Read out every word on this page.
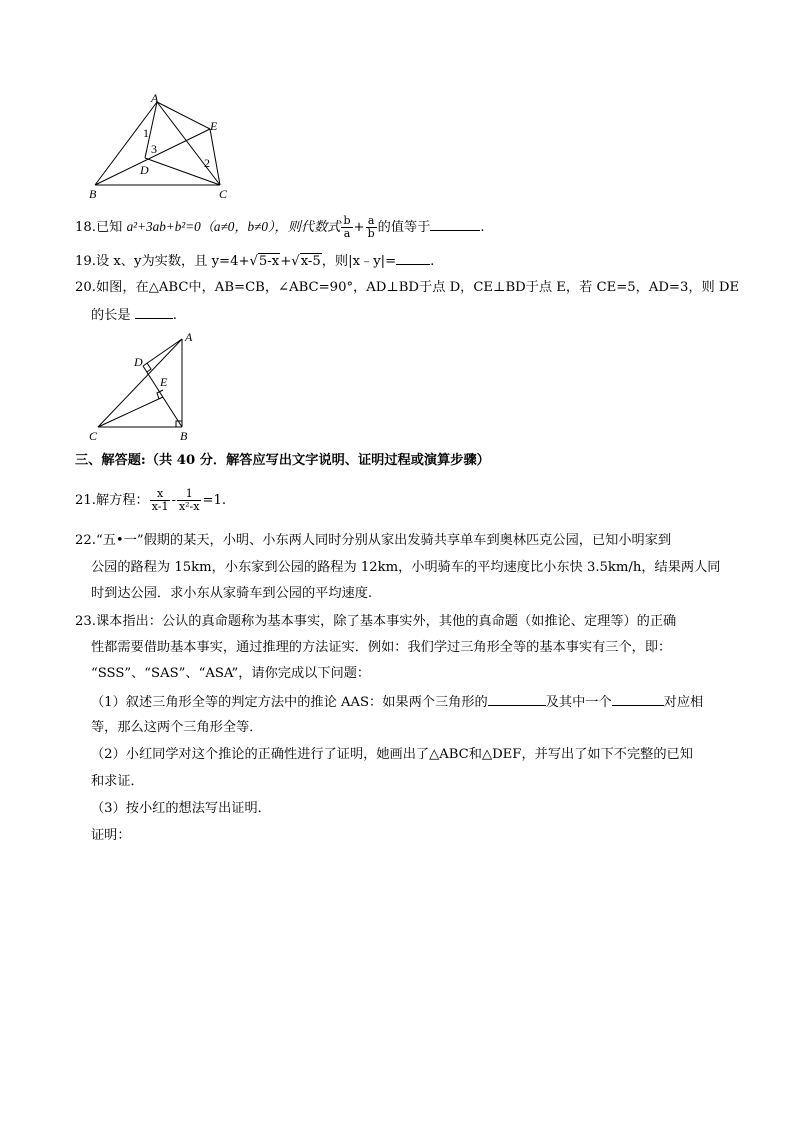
A
E
1
3
D	2
B	C
18.已知 a²+3ab+b²=0（a≠0，b≠0），则代数式 $\frac{b}{a} + \frac{a}{b}$ 的值等于	.
19.设 x、y为实数，且 y=4+√5-x+√x-5，则|x﹣y|=	.
20.如图，在△ABC中，AB=CB，∠ABC=90°，AD⊥BD于点 D，CE⊥BD于点 E，若 CE=5，AD=3，则 DE
的长是	.
A
D
E
C	B
三、解答题:（共 40 分．解答应写出文字说明、证明过程或演算步骤）
21.解方程： $\frac{x}{x-1} - \frac{1}{\text{x²-x}} =1$.
22.“五•一”假期的某天，小明、小东两人同时分别从家出发骑共享单车到奥林匹克公园，已知小明家到
公园的路程为 15km，小东家到公园的路程为 12km，小明骑车的平均速度比小东快 3.5km/h，结果两人同
时到达公园．求小东从家骑车到公园的平均速度.
23.课本指出：公认的真命题称为基本事实，除了基本事实外，其他的真命题（如推论、定理等）的正确
性都需要借助基本事实，通过推理的方法证实．例如：我们学过三角形全等的基本事实有三个，即：
“SSS”、“SAS”、“ASA”，请你完成以下问题：
（1）叙述三角形全等的判定方法中的推论 AAS：如果两个三角形的	及其中一个	对应相
等，那么这两个三角形全等．
（2）小红同学对这个推论的正确性进行了证明，她画出了△ABC和△DEF，并写出了如下不完整的已知
和求证．
（3）按小红的想法写出证明．
证明：
